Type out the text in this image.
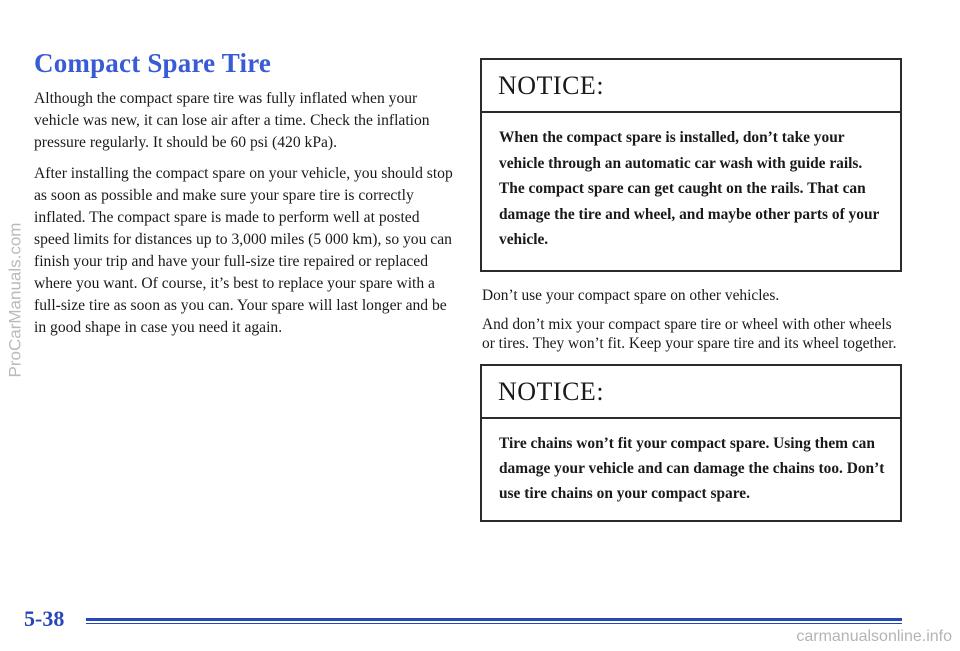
Compact Spare Tire

Although the compact spare tire was fully inflated when your vehicle was new, it can lose air after a time. Check the inflation pressure regularly. It should be 60 psi (420 kPa).

After installing the compact spare on your vehicle, you should stop as soon as possible and make sure your spare tire is correctly inflated. The compact spare is made to perform well at posted speed limits for distances up to 3,000 miles (5 000 km), so you can finish your trip and have your full-size tire repaired or replaced where you want. Of course, it’s best to replace your spare with a full-size tire as soon as you can. Your spare will last longer and be in good shape in case you need it again.

NOTICE:
When the compact spare is installed, don’t take your vehicle through an automatic car wash with guide rails. The compact spare can get caught on the rails. That can damage the tire and wheel, and maybe other parts of your vehicle.

Don’t use your compact spare on other vehicles.

And don’t mix your compact spare tire or wheel with other wheels or tires. They won’t fit. Keep your spare tire and its wheel together.

NOTICE:
Tire chains won’t fit your compact spare. Using them can damage your vehicle and can damage the chains too. Don’t use tire chains on your compact spare.
5-38
ProCarManuals.com
carmanualsonline.info
